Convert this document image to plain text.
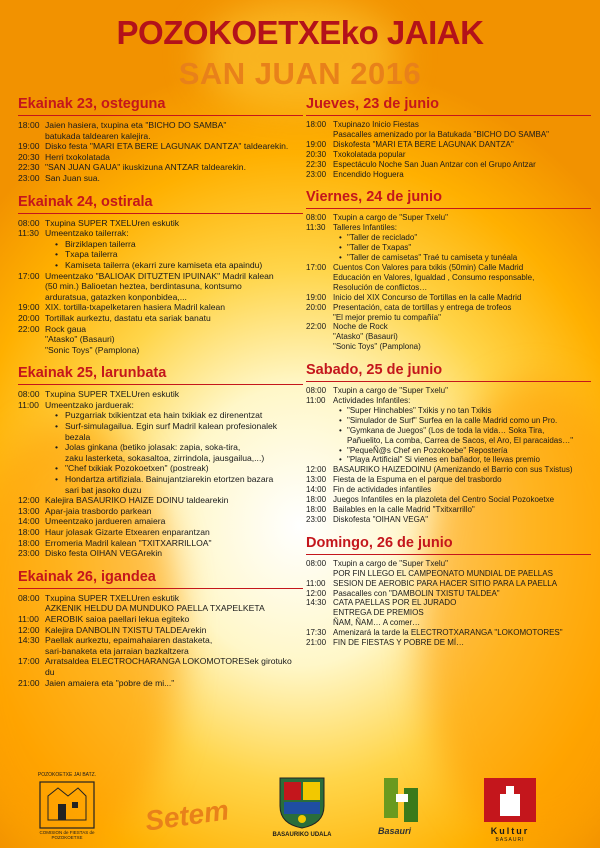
POZOKOETXEko JAIAK
SAN JUAN 2016
Ekainak 23, osteguna
18:00 Jaien hasiera, txupina eta "BICHO DO SAMBA"
batukada taldearen kalejira.
19:00 Disko festa "MARI ETA BERE LAGUNAK DANTZA" taldearekin.
20:30 Herri txokolatada
22:30 "SAN JUAN GAUA" ikuskizuna ANTZAR taldearekin.
23:00 San Juan sua.
Ekainak 24, ostirala
08:00 Txupina SUPER TXELUren eskutik
11:30 Umeentzako tailerrak:
• Birziklapen tailerra
• Txapa tailerra
• Kamiseta tailerra (ekarri zure kamiseta eta apaindu)
17:00 Umeentzako "BALIOAK DITUZTEN IPUINAK" Madril kalean
(50 min.) Balioetan heztea, berdintasuna, kontsumo
arduratsua, gatazken konponbidea,...
19:00 XIX. tortilla-txapelketaren hasiera Madril kalean
20:00 Tortillak aurkeztu, dastatu eta sariak banatu
22:00 Rock gaua
"Atasko" (Basauri)
"Sonic Toys" (Pamplona)
Ekainak 25, larunbata
08:00 Txupina SUPER TXELUren eskutik
11:00 Umeentzako jarduerak:
• Puzgarriak txikientzat eta hain txikiak ez direnentzat
• Surf-simulagailua. Egin surf Madril kalean profesionalek bezala
• Jolas ginkana (betiko jolasak: zapia, soka-tira,
zaku lasterketa, sokasaltoa, zirrindola, jausgailua,...)
• "Chef txikiak Pozokoetxen" (postreak)
• Hondartza artifiziala. Bainujantziarekin etortzen bazara
sari bat jasoko duzu
12:00 Kalejira BASAURIKO HAIZE DOINU taldearekin
13:00 Apar-jaia trasbordo parkean
14:00 Umeentzako jardueren amaiera
18:00 Haur jolasak Gizarte Etxearen enparantzan
18:00 Erromeria Madril kalean "TXITXARRILLOA"
23:00 Disko festa OIHAN VEGArekin
Ekainak 26, igandea
08:00 Txupina SUPER TXELUren eskutik
AZKENIK HELDU DA MUNDUKO PAELLA TXAPELKETA
11:00 AEROBIK saioa paellari lekua egiteko
12:00 Kalejira DANBOLIN TXISTU TALDEArekin
14:30 Paellak aurkeztu, epaimahaiaren dastaketa,
sari-banaketa eta jarraian bazkaltzera
17:00 Arratsaldea ELECTROCHARANGA LOKOMOTORESek girotuko du
21:00 Jaien amaiera eta "pobre de mi..."
Jueves, 23 de junio
18:00 Txupinazo Inicio Fiestas
Pasacalles amenizado por la Batukada "BICHO DO SAMBA"
19:00 Diskofesta "MARI ETA BERE LAGUNAK DANTZA"
20:30 Txokolatada popular
22:30 Espectáculo Noche San Juan Antzar con el Grupo Antzar
23:00 Encendido Hoguera
Viernes, 24 de junio
08:00 Txupin a cargo de "Super Txelu"
11:30 Talleres Infantiles:
• "Taller de reciclado"
• "Taller de Txapas"
• "Taller de camisetas" Traé tu camiseta y tunéala
17:00 Cuentos Con Valores para txikis (50min) Calle Madrid
Educación en Valores, Igualdad , Consumo responsable,
Resolución de conflictos…
19:00 Inicio del XIX Concurso de Tortillas en la calle Madrid
20:00 Presentación, cata de tortillas y entrega de trofeos
"El mejor premio tu compañía"
22:00 Noche de Rock
"Atasko" (Basauri)
"Sonic Toys" (Pamplona)
Sabado, 25 de junio
08:00 Txupin a cargo de "Super Txelu"
11:00 Actividades Infantiles:
• "Super Hinchables" Txikis y no tan Txikis
• "Simulador de Surf" Surfea en la calle Madrid como un Pro.
• "Gymkana de Juegos" (Los de toda la vida… Soka Tira,
Pañuelito, La comba, Carrea de Sacos, el Aro, El paracaidas…"
• "PequeÑ@s Chef en Pozokoebe" Repostería
• "Playa Artificial" Si vienes en bañador, te llevas premio
12:00 BASAURIKO HAIZEDOINU (Amenizando el Barrio con sus Txistus)
13:00 Fiesta de la Espuma en el parque del trasbordo
14:00 Fin de actividades infantiles
18:00 Juegos Infantiles en la plazoleta del Centro Social Pozokoetxe
18:00 Bailables en la calle Madrid "Txitxarrillo"
23:00 Diskofesta "OIHAN VEGA"
Domingo, 26 de junio
08:00 Txupin a cargo de "Super Txelu"
POR FIN LLEGO EL CAMPEONATO MUNDIAL DE PAELLAS
11:00 SESION DE AEROBIC PARA HACER SITIO PARA LA PAELLA
12:00 Pasacalles con "DAMBOLIN TXISTU TALDEA"
14:30 CATA PAELLAS POR EL JURADO
ENTREGA DE PREMIOS
ÑAM, ÑAM… A comer…
17:30 Amenizará la tarde la ELECTROTXARANGA "LOKOMOTORES"
21:00 FIN DE FIESTAS Y POBRE DE MÍ…
POZOKOETXE JAI BATZ.
COMISION de FIESTAS de POZOKOETXE
Setem	BASAURIKO UDALA	Basauri	Kultur
BASAURI
